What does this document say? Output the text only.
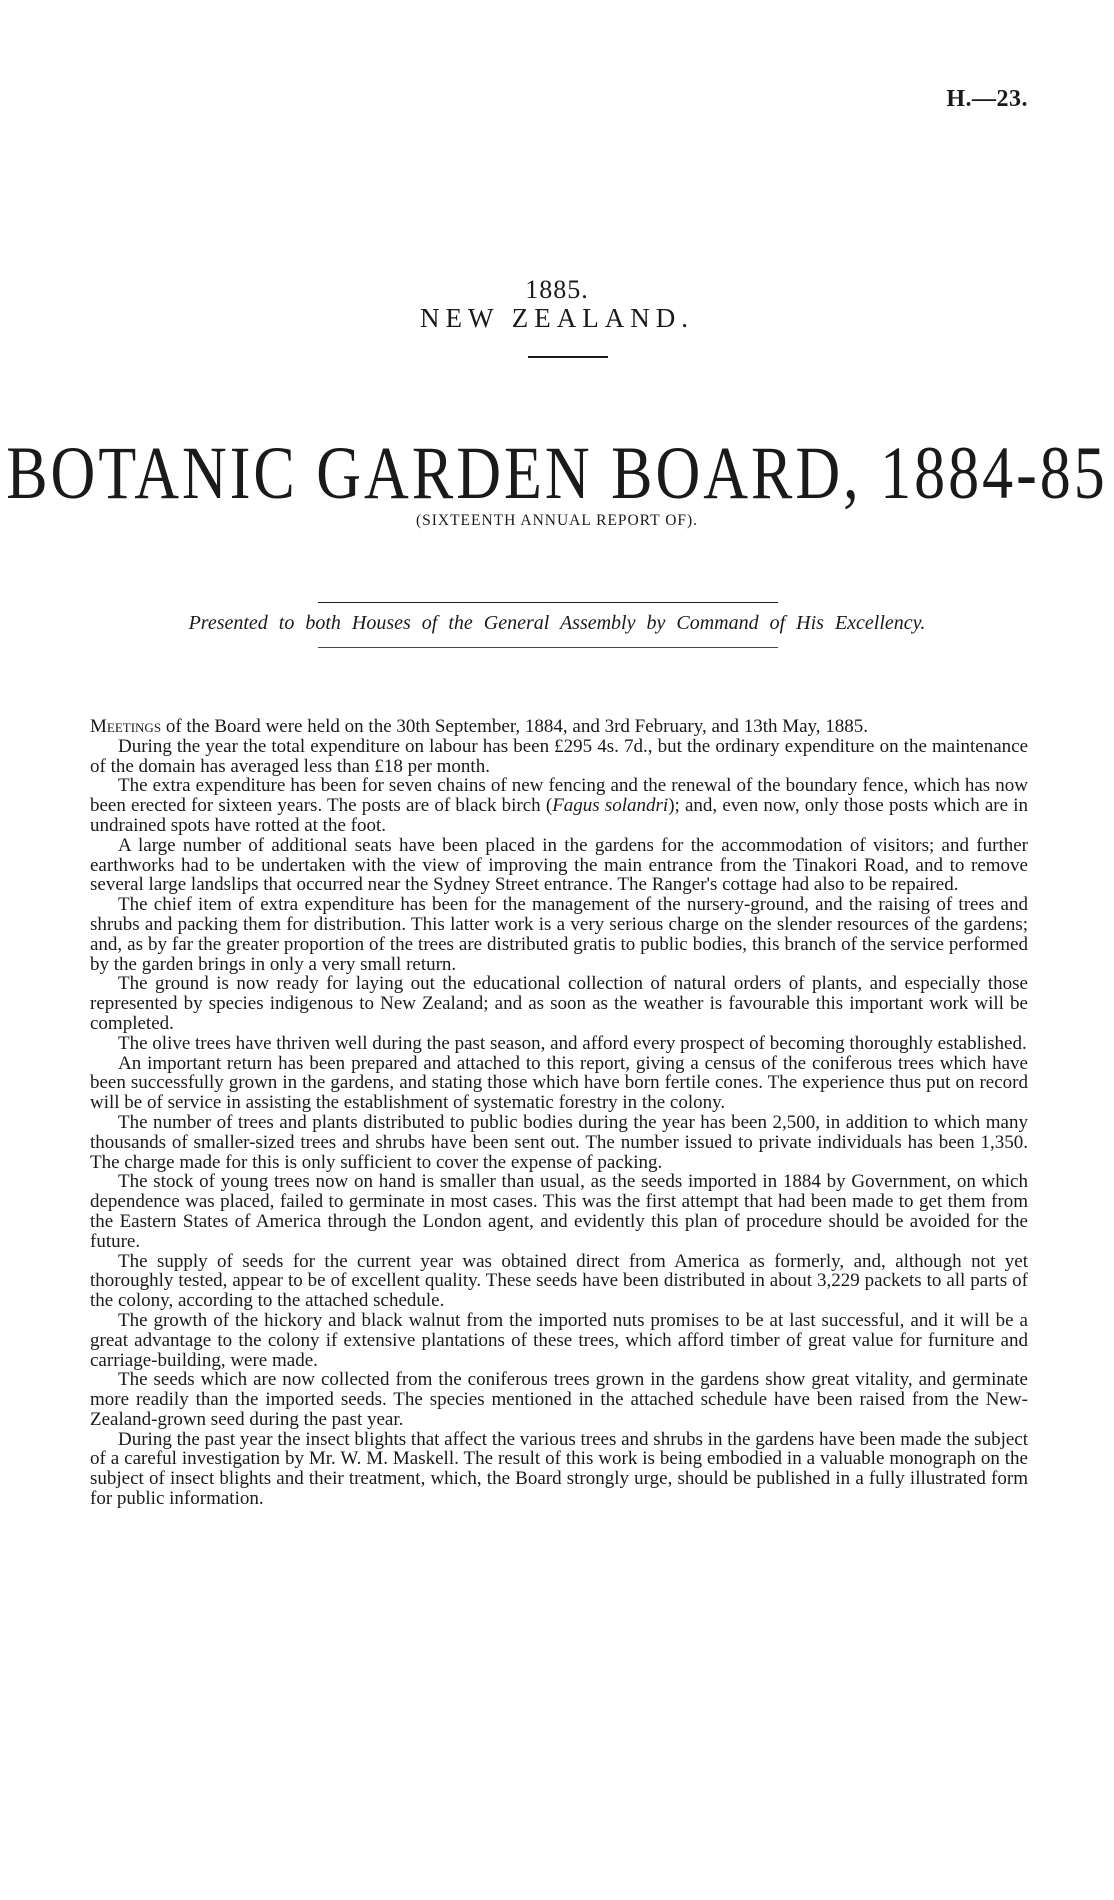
H.—23.
1885.
NEW ZEALAND.
BOTANIC GARDEN BOARD, 1884-85
(SIXTEENTH ANNUAL REPORT OF).
Presented to both Houses of the General Assembly by Command of His Excellency.

Meetings of the Board were held on the 30th September, 1884, and 3rd February, and 13th May, 1885.

During the year the total expenditure on labour has been £295 4s. 7d., but the ordinary expenditure on the maintenance of the domain has averaged less than £18 per month.

The extra expenditure has been for seven chains of new fencing and the renewal of the boundary fence, which has now been erected for sixteen years. The posts are of black birch (Fagus solandri); and, even now, only those posts which are in undrained spots have rotted at the foot.

A large number of additional seats have been placed in the gardens for the accommodation of visitors; and further earthworks had to be undertaken with the view of improving the main entrance from the Tinakori Road, and to remove several large landslips that occurred near the Sydney Street entrance. The Ranger's cottage had also to be repaired.

The chief item of extra expenditure has been for the management of the nursery-ground, and the raising of trees and shrubs and packing them for distribution. This latter work is a very serious charge on the slender resources of the gardens; and, as by far the greater proportion of the trees are distributed gratis to public bodies, this branch of the service performed by the garden brings in only a very small return.

The ground is now ready for laying out the educational collection of natural orders of plants, and especially those represented by species indigenous to New Zealand; and as soon as the weather is favourable this important work will be completed.

The olive trees have thriven well during the past season, and afford every prospect of becoming thoroughly established.

An important return has been prepared and attached to this report, giving a census of the coniferous trees which have been successfully grown in the gardens, and stating those which have born fertile cones. The experience thus put on record will be of service in assisting the establishment of systematic forestry in the colony.

The number of trees and plants distributed to public bodies during the year has been 2,500, in addition to which many thousands of smaller-sized trees and shrubs have been sent out. The number issued to private individuals has been 1,350. The charge made for this is only sufficient to cover the expense of packing.

The stock of young trees now on hand is smaller than usual, as the seeds imported in 1884 by Government, on which dependence was placed, failed to germinate in most cases. This was the first attempt that had been made to get them from the Eastern States of America through the London agent, and evidently this plan of procedure should be avoided for the future.

The supply of seeds for the current year was obtained direct from America as formerly, and, although not yet thoroughly tested, appear to be of excellent quality. These seeds have been distributed in about 3,229 packets to all parts of the colony, according to the attached schedule.

The growth of the hickory and black walnut from the imported nuts promises to be at last successful, and it will be a great advantage to the colony if extensive plantations of these trees, which afford timber of great value for furniture and carriage-building, were made.

The seeds which are now collected from the coniferous trees grown in the gardens show great vitality, and germinate more readily than the imported seeds. The species mentioned in the attached schedule have been raised from the New-Zealand-grown seed during the past year.

During the past year the insect blights that affect the various trees and shrubs in the gardens have been made the subject of a careful investigation by Mr. W. M. Maskell. The result of this work is being embodied in a valuable monograph on the subject of insect blights and their treatment, which, the Board strongly urge, should be published in a fully illustrated form for public information.
